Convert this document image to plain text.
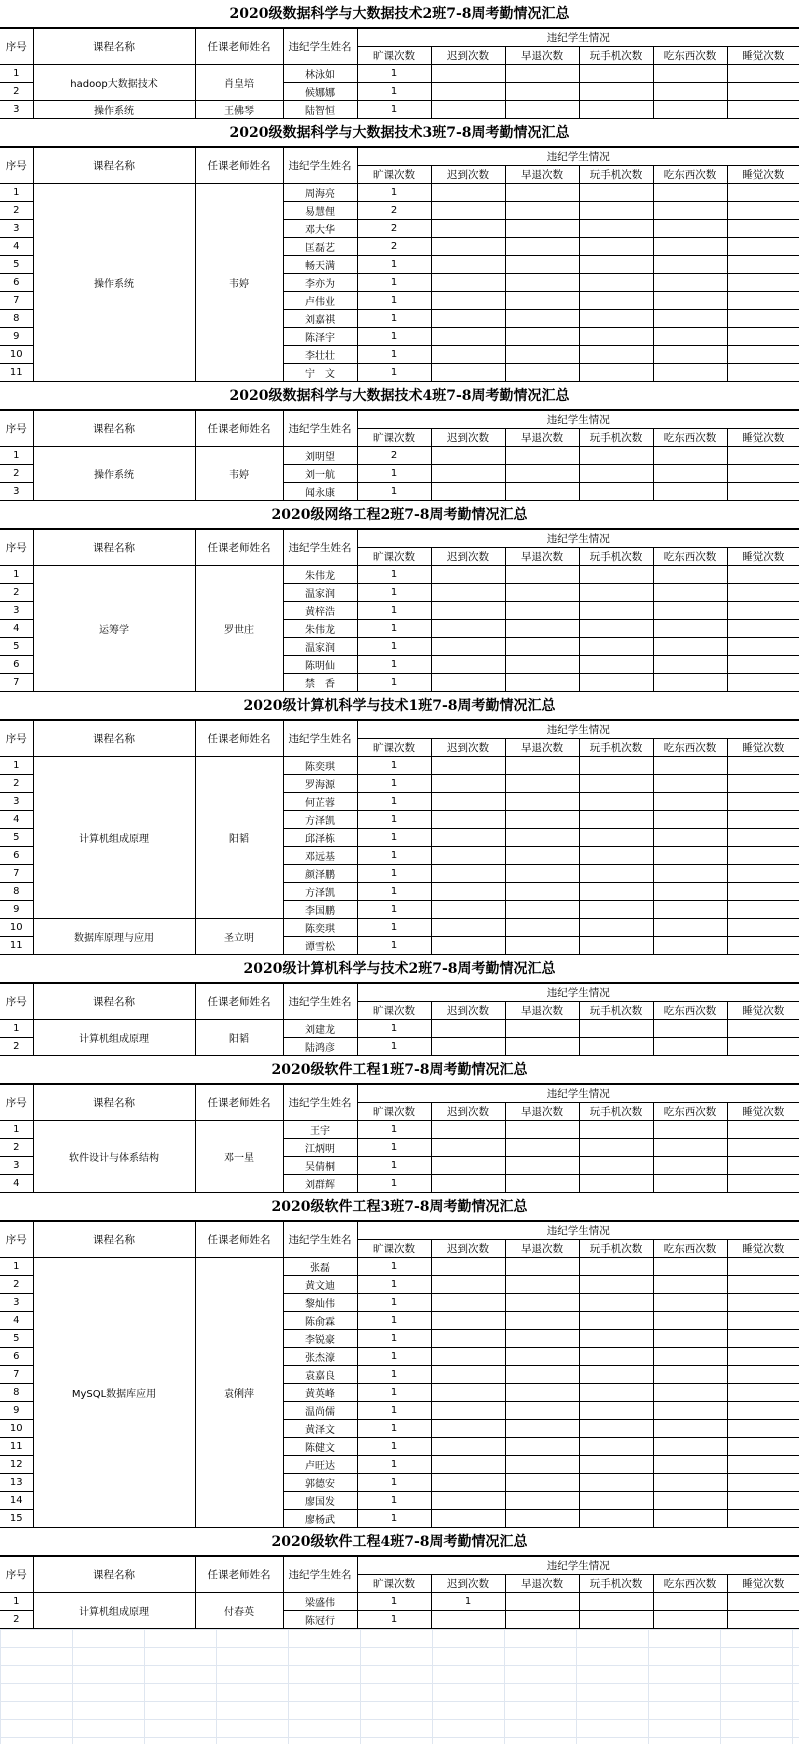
2020级数据科学与大数据技术2班7-8周考勤情况汇总
序号	课程名称	任课老师姓名	违纪学生姓名	违纪学生情况					
				旷课次数	迟到次数	早退次数	玩手机次数	吃东西次数	睡觉次数
1	hadoop大数据技术	肖皇培	林泳如	1					
2			候娜娜	1					
3	操作系统	王佛琴	陆智恒	1					
2020级数据科学与大数据技术3班7-8周考勤情况汇总
序号	课程名称	任课老师姓名	违纪学生姓名	违纪学生情况					
				旷课次数	迟到次数	早退次数	玩手机次数	吃东西次数	睡觉次数
1	操作系统	韦婷	周海亮	1					
2			易慧俚	2					
3			邓大华	2					
4			匡磊艺	2					
5			畅天满	1					
6			李亦为	1					
7			卢伟业	1					
8			刘嘉祺	1					
9			陈泽宇	1					
10			李壮壮	1					
11			宁　文	1					
2020级数据科学与大数据技术4班7-8周考勤情况汇总
序号	课程名称	任课老师姓名	违纪学生姓名	违纪学生情况					
				旷课次数	迟到次数	早退次数	玩手机次数	吃东西次数	睡觉次数
1	操作系统	韦婷	刘明望	2					
2			刘一航	1					
3			闻永康	1					
2020级网络工程2班7-8周考勤情况汇总
序号	课程名称	任课老师姓名	违纪学生姓名	违纪学生情况					
				旷课次数	迟到次数	早退次数	玩手机次数	吃东西次数	睡觉次数
1	运筹学	罗世庄	朱伟龙	1					
2			温家润	1					
3			黄梓浩	1					
4			朱伟龙	1					
5			温家润	1					
6			陈明仙	1					
7			禁　香	1					
2020级计算机科学与技术1班7-8周考勤情况汇总
序号	课程名称	任课老师姓名	违纪学生姓名	违纪学生情况					
				旷课次数	迟到次数	早退次数	玩手机次数	吃东西次数	睡觉次数
1	计算机组成原理	阳韬	陈奕琪	1					
2			罗海源	1					
3			何芷蓉	1					
4			方泽凯	1					
5			邱泽栋	1					
6			邓远基	1					
7			颜泽鹏	1					
8			方泽凯	1					
9			李国鹏	1					
10	数据库原理与应用	圣立明	陈奕琪	1					
11			谭雪松	1					
2020级计算机科学与技术2班7-8周考勤情况汇总
序号	课程名称	任课老师姓名	违纪学生姓名	违纪学生情况					
				旷课次数	迟到次数	早退次数	玩手机次数	吃东西次数	睡觉次数
1	计算机组成原理	阳韬	刘建龙	1					
2			陆鸿彦	1					
2020级软件工程1班7-8周考勤情况汇总
序号	课程名称	任课老师姓名	违纪学生姓名	违纪学生情况					
				旷课次数	迟到次数	早退次数	玩手机次数	吃东西次数	睡觉次数
1	软件设计与体系结构	邓一星	王宇	1					
2			江炳明	1					
3			吴倩桐	1					
4			刘群辉	1					
2020级软件工程3班7-8周考勤情况汇总
序号	课程名称	任课老师姓名	违纪学生姓名	违纪学生情况					
				旷课次数	迟到次数	早退次数	玩手机次数	吃东西次数	睡觉次数
1	MySQL数据库应用	袁俐萍	张磊	1					
2			黄文迪	1					
3			黎灿伟	1					
4			陈俞霖	1					
5			李锐豪	1					
6			张杰濠	1					
7			袁嘉良	1					
8			黄英峰	1					
9			温尚儒	1					
10			黄泽文	1					
11			陈健文	1					
12			卢旺达	1					
13			郭德安	1					
14			廖国发	1					
15			廖杨武	1					
2020级软件工程4班7-8周考勤情况汇总
序号	课程名称	任课老师姓名	违纪学生姓名	违纪学生情况					
				旷课次数	迟到次数	早退次数	玩手机次数	吃东西次数	睡觉次数
1	计算机组成原理	付春英	梁盛伟	1	1				
2			陈冠行	1					
